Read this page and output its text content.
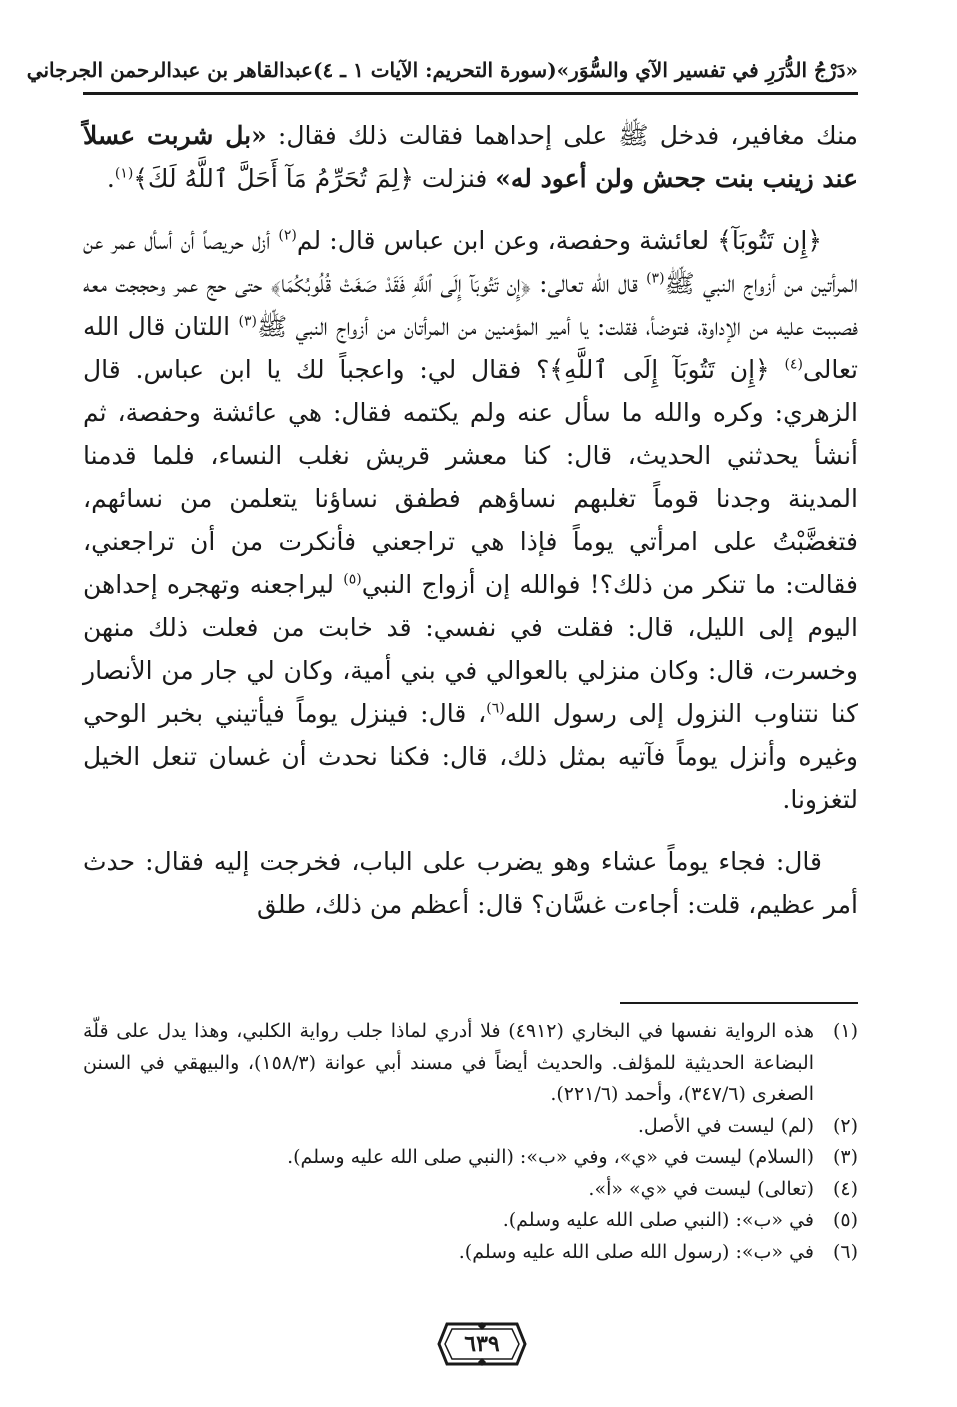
«دَرْجُ الدُّرَرِ في تفسير الآي والسُّوَر»
(سورة التحريم: الآيات ١ ـ ٤)
عبدالقاهر بن عبدالرحمن الجرجاني

منك مغافير، فدخل ﷺ على إحداهما فقالت ذلك فقال: «بل شربت عسلاً عند زينب بنت جحش ولن أعود له» فنزلت ﴿لِمَ تُحَرِّمُ مَآ أَحَلَّ ٱللَّهُ لَكَ﴾$^{(١)}$.

﴿إِن تَتُوبَآ﴾ لعائشة وحفصة، وعن ابن عباس قال: لم$^{(٢)}$ أزل حريصاً أن أسأل عمر عن المرأتين من أزواج النبي ﷺ$^{(٣)}$ قال الله تعالى: ﴿إِن تَتُوبَآ إِلَى ٱللَّهِ فَقَدْ صَغَتْ قُلُوبُكُمَا﴾ حتى حج عمر وحججت معه فصببت عليه من الإداوة، فتوضأ، فقلت: يا أمير المؤمنين من المرأتان من أزواج النبي ﷺ$^{(٣)}$ اللتان قال الله تعالى$^{(٤)}$ ﴿إِن تَتُوبَآ إِلَى ٱللَّهِ﴾؟ فقال لي: واعجباً لك يا ابن عباس. قال الزهري: وكره والله ما سأل عنه ولم يكتمه فقال: هي عائشة وحفصة، ثم أنشأ يحدثني الحديث، قال: كنا معشر قريش نغلب النساء، فلما قدمنا المدينة وجدنا قوماً تغلبهم نساؤهم فطفق نساؤنا يتعلمن من نسائهم، فتغضَّبْتُ على امرأتي يوماً فإذا هي تراجعني فأنكرت من أن تراجعني، فقالت: ما تنكر من ذلك؟! فوالله إن أزواج النبي$^{(٥)}$ ليراجعنه وتهجره إحداهن اليوم إلى الليل، قال: فقلت في نفسي: قد خابت من فعلت ذلك منهن وخسرت، قال: وكان منزلي بالعوالي في بني أمية، وكان لي جار من الأنصار كنا نتناوب النزول إلى رسول الله$^{(٦)}$، قال: فينزل يوماً فيأتيني بخبر الوحي وغيره وأنزل يوماً فآتيه بمثل ذلك، قال: فكنا نحدث أن غسان تنعل الخيل لتغزونا.

قال: فجاء يوماً عشاء وهو يضرب على الباب، فخرجت إليه فقال: حدث أمر عظيم، قلت: أجاءت غسَّان؟ قال: أعظم من ذلك، طلق

(١)
هذه الرواية نفسها في البخاري (٤٩١٢) فلا أدري لماذا جلب رواية الكلبي، وهذا يدل على قلّة البضاعة الحديثية للمؤلف. والحديث أيضاً في مسند أبي عوانة (١٥٨/٣)، والبيهقي في السنن الصغرى (٣٤٧/٦)، وأحمد (٢٢١/٦).
(٢)
(لم) ليست في الأصل.
(٣)
(السلام) ليست في «ي»، وفي «ب»: (النبي صلى الله عليه وسلم).
(٤)
(تعالى) ليست في «ي» «أ».
(٥)
في «ب»: (النبي صلى الله عليه وسلم).
(٦)
في «ب»: (رسول الله صلى الله عليه وسلم).
٦٣٩
